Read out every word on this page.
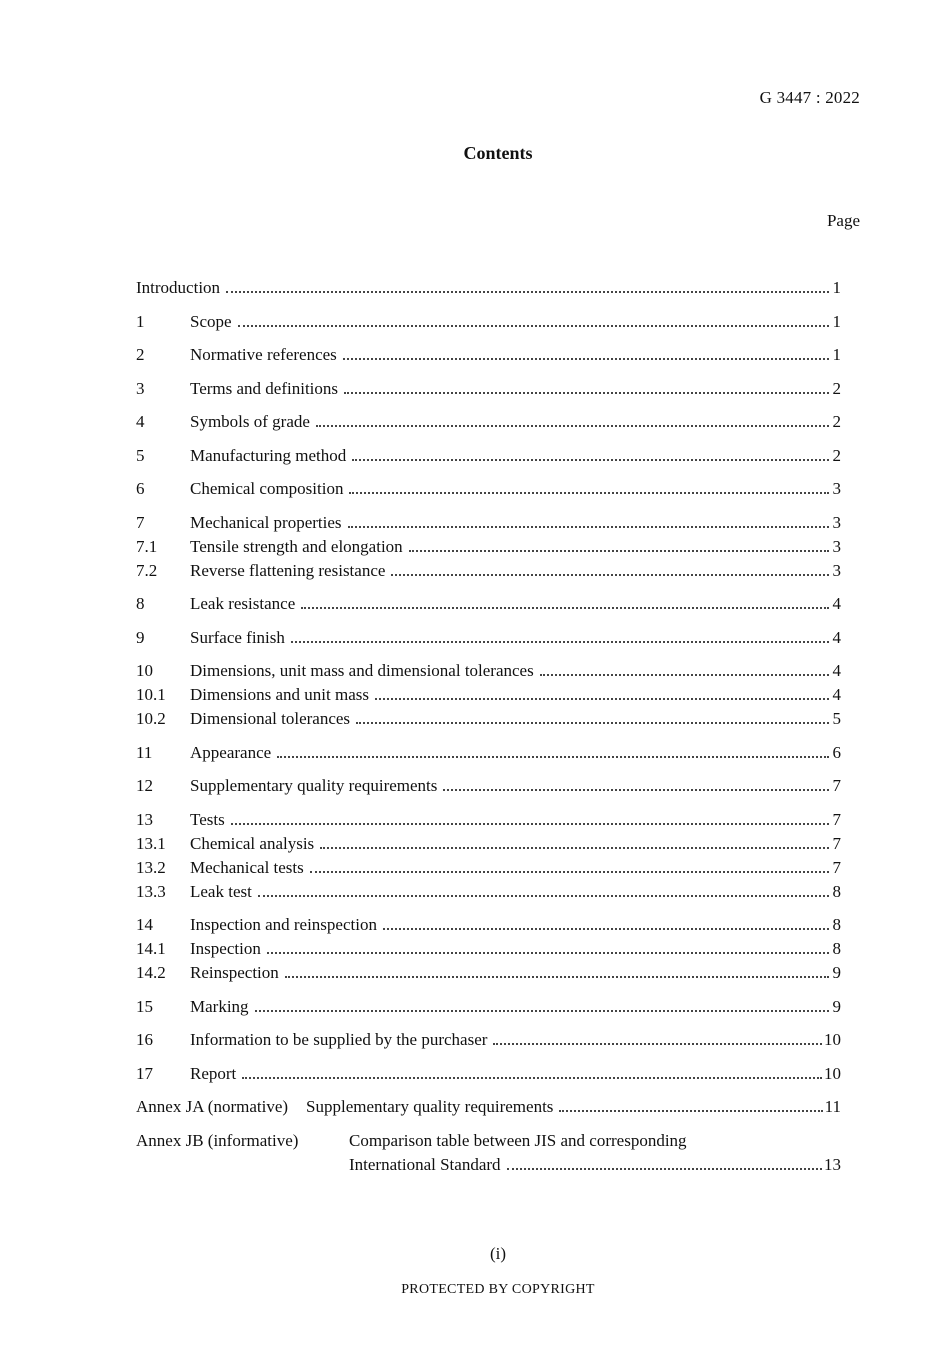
G 3447 : 2022
Contents
Page
Introduction	1
1	Scope	1
2	Normative references	1
3	Terms and definitions	2
4	Symbols of grade	2
5	Manufacturing method	2
6	Chemical composition	3
7	Mechanical properties	3
7.1	Tensile strength and elongation	3
7.2	Reverse flattening resistance	3
8	Leak resistance	4
9	Surface finish	4
10	Dimensions, unit mass and dimensional tolerances	4
10.1	Dimensions and unit mass	4
10.2	Dimensional tolerances	5
11	Appearance	6
12	Supplementary quality requirements	7
13	Tests	7
13.1	Chemical analysis	7
13.2	Mechanical tests	7
13.3	Leak test	8
14	Inspection and reinspection	8
14.1	Inspection	8
14.2	Reinspection	9
15	Marking	9
16	Information to be supplied by the purchaser	10
17	Report	10
Annex JA (normative)	Supplementary quality requirements	11
Annex JB (informative)	Comparison table between JIS and corresponding
International Standard	13
(i)
PROTECTED BY COPYRIGHT
